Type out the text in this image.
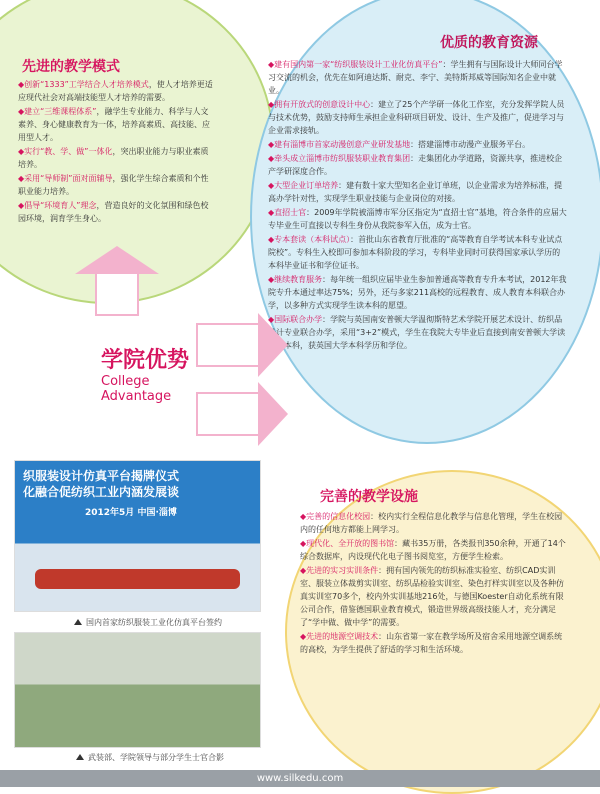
先进的教学模式
◆创新“1333”工学结合人才培养模式，使人才培养更适应现代社会对高端技能型人才培养的需要。
◆建立“三维课程体系”，融学生专业能力、科学与人文素养、身心健康教育为一体，培养高素质、高技能、应用型人才。
◆实行“教、学、做”一体化，突出职业能力与职业素质培养。
◆采用“导师制”面对面辅导，强化学生综合素质和个性职业能力培养。
◆倡导“环境育人”理念，营造良好的文化氛围和绿色校园环境，润育学生身心。
优质的教育资源
◆建有国内第一家“纺织服装设计工业化仿真平台”：学生拥有与国际设计大师同台学习交流的机会，优先在如阿迪达斯、耐克、李宁、美特斯邦威等国际知名企业中就业。
◆拥有开放式的创意设计中心：建立了25个产学研一体化工作室，充分发挥学院人员与技术优势，鼓励支持师生承担企业科研项目研发、设计、生产及推广，促进学习与企业需求接轨。
◆建有淄博市首家动漫创意产业研发基地：搭建淄博市动漫产业服务平台。
◆牵头成立淄博市纺织服装职业教育集团：走集团化办学道路，资源共享，推进校企产学研深度合作。
◆大型企业订单培养：建有数十家大型知名企业订单班，以企业需求为培养标准，提高办学针对性，实现学生职业技能与企业岗位的对接。
◆直招士官：2009年学院被淄博市军分区指定为“直招士官”基地，符合条件的应届大专毕业生可直接以专科生身份从我院参军入伍，成为士官。
◆专本套读（本科试点）：首批山东省教育厅批准的“高等教育自学考试本科专业试点院校”。专科生入校即可参加本科阶段的学习，专科毕业同时可获得国家承认学历的本科毕业证书和学位证书。
◆继续教育服务：每年统一组织应届毕业生参加普通高等教育专升本考试，2012年我院专升本通过率达75%；另外，还与多家211高校的远程教育、成人教育本科联合办学，以多种方式实现学生读本科的愿望。
国际联合办学：学院与英国南安普顿大学温彻斯特艺术学院开展艺术设计、纺织品设计专业联合办学，采用“3+2”模式，学生在我院大专毕业后直接到南安普顿大学读两年本科，获英国大学本科学历和学位。
学院优势
College
Advantage
完善的教学设施
◆完善的信息化校园：校内实行全程信息化教学与信息化管理，学生在校园内的任何地方都能上网学习。
◆现代化、全开放的图书馆：藏书35万册，各类报刊350余种，开通了14个综合数据库，内设现代化电子图书阅览室，方便学生检索。
◆先进的实习实训条件：拥有国内领先的纺织标准实验室、纺织CAD实训室、服装立体裁剪实训室、纺织品检验实训室、染色打样实训室以及各种仿真实训室70多个，校内外实训基地216处，与德国Koester自动化系统有限公司合作，借鉴德国职业教育模式，锻造世界级高级技能人才，充分满足了“学中做、做中学”的需要。
◆先进的地源空调技术：山东省第一家在教学场所及宿舍采用地源空调系统的高校，为学生提供了舒适的学习和生活环境。
织服装设计仿真平台揭牌仪式
化融合促纺织工业内涵发展谈
2012年5月 中国·淄博
国内首家纺织服装工业化仿真平台签约
武装部、学院领导与部分学生士官合影
www.silkedu.com
